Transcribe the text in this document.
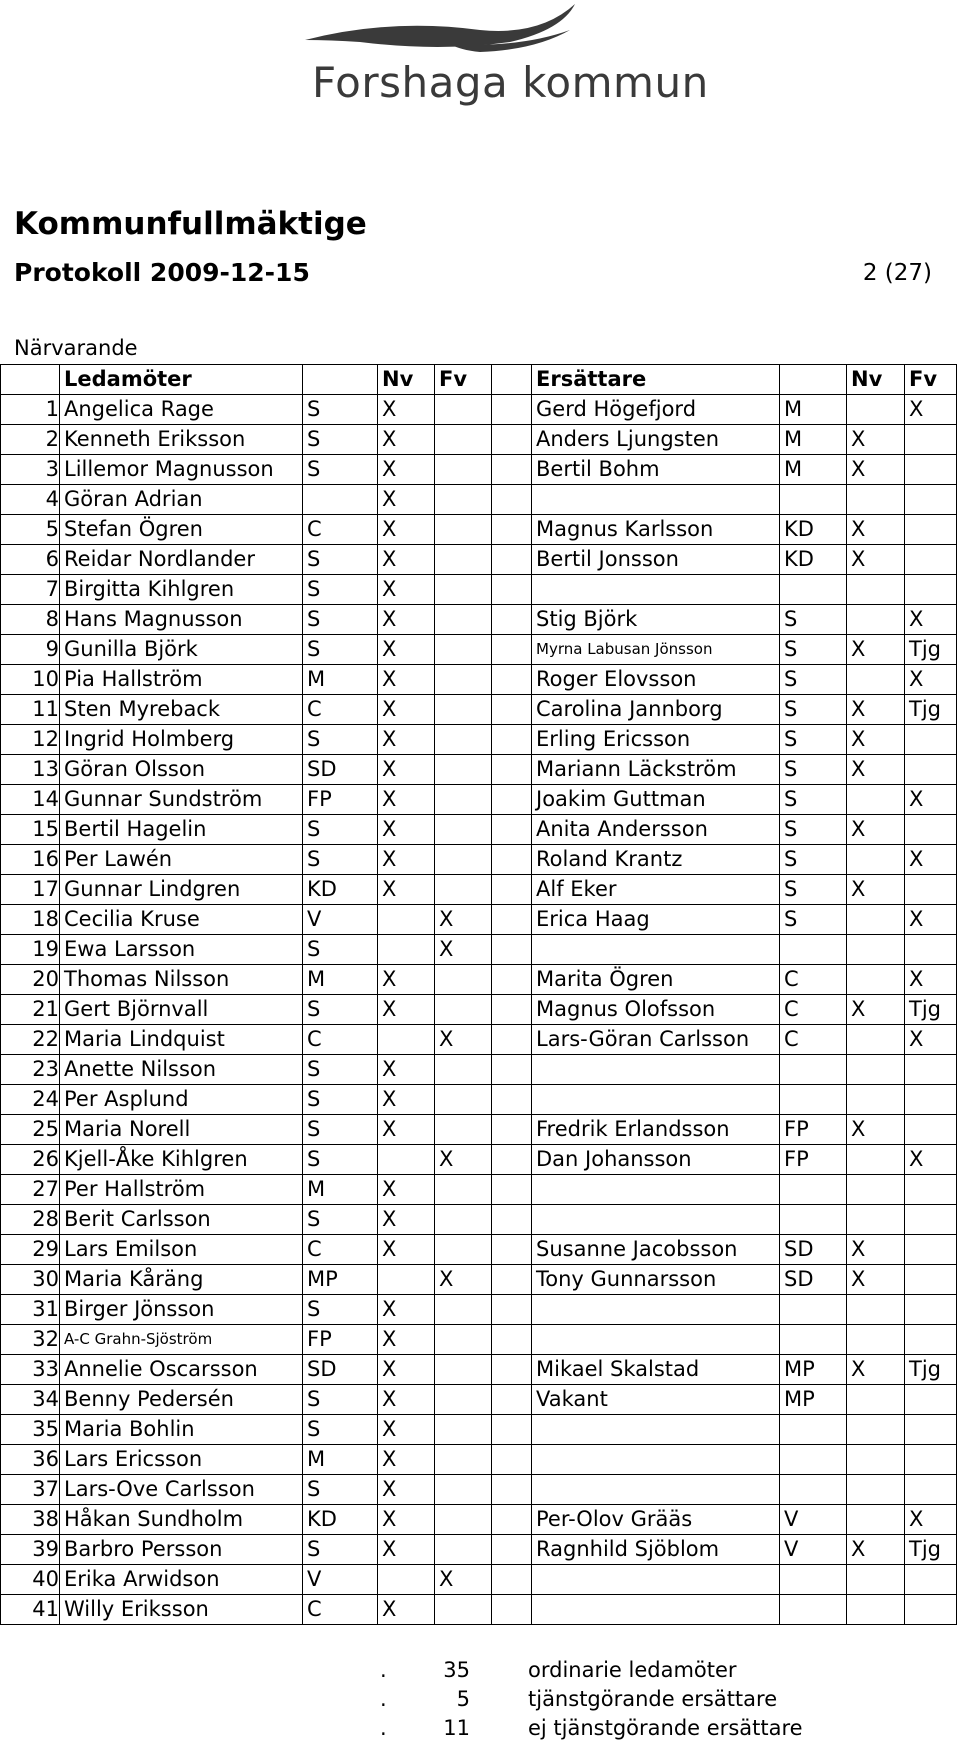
Forshaga kommun
Kommunfullmäktige
Protokoll 2009-12-15	2 (27)
Närvarande
	Ledamöter		Nv	Fv		Ersättare		Nv	Fv
1	Angelica Rage	S	X			Gerd Högefjord	M		X
2	Kenneth Eriksson	S	X			Anders Ljungsten	M	X	
3	Lillemor Magnusson	S	X			Bertil Bohm	M	X	
4	Göran Adrian		X						
5	Stefan Ögren	C	X			Magnus Karlsson	KD	X	
6	Reidar Nordlander	S	X			Bertil Jonsson	KD	X	
7	Birgitta Kihlgren	S	X						
8	Hans Magnusson	S	X			Stig Björk	S		X
9	Gunilla Björk	S	X			Myrna Labusan Jönsson	S	X	Tjg
10	Pia Hallström	M	X			Roger Elovsson	S		X
11	Sten Myreback	C	X			Carolina Jannborg	S	X	Tjg
12	Ingrid Holmberg	S	X			Erling Ericsson	S	X	
13	Göran Olsson	SD	X			Mariann Läckström	S	X	
14	Gunnar Sundström	FP	X			Joakim Guttman	S		X
15	Bertil Hagelin	S	X			Anita Andersson	S	X	
16	Per Lawén	S	X			Roland Krantz	S		X
17	Gunnar Lindgren	KD	X			Alf Eker	S	X	
18	Cecilia Kruse	V		X		Erica Haag	S		X
19	Ewa Larsson	S		X					
20	Thomas Nilsson	M	X			Marita Ögren	C		X
21	Gert Björnvall	S	X			Magnus Olofsson	C	X	Tjg
22	Maria Lindquist	C		X		Lars-Göran Carlsson	C		X
23	Anette Nilsson	S	X						
24	Per Asplund	S	X						
25	Maria Norell	S	X			Fredrik Erlandsson	FP	X	
26	Kjell-Åke Kihlgren	S		X		Dan Johansson	FP		X
27	Per Hallström	M	X						
28	Berit Carlsson	S	X						
29	Lars Emilson	C	X			Susanne Jacobsson	SD	X	
30	Maria Kåräng	MP		X		Tony Gunnarsson	SD	X	
31	Birger Jönsson	S	X						
32	A-C Grahn-Sjöström	FP	X						
33	Annelie Oscarsson	SD	X			Mikael Skalstad	MP	X	Tjg
34	Benny Pedersén	S	X			Vakant	MP		
35	Maria Bohlin	S	X						
36	Lars Ericsson	M	X						
37	Lars-Ove Carlsson	S	X						
38	Håkan Sundholm	KD	X			Per-Olov Grääs	V		X
39	Barbro Persson	S	X			Ragnhild Sjöblom	V	X	Tjg
40	Erika Arwidson	V		X					
41	Willy Eriksson	C	X						
.	35	ordinarie ledamöter
.	5	tjänstgörande ersättare
.	11	ej tjänstgörande ersättare
